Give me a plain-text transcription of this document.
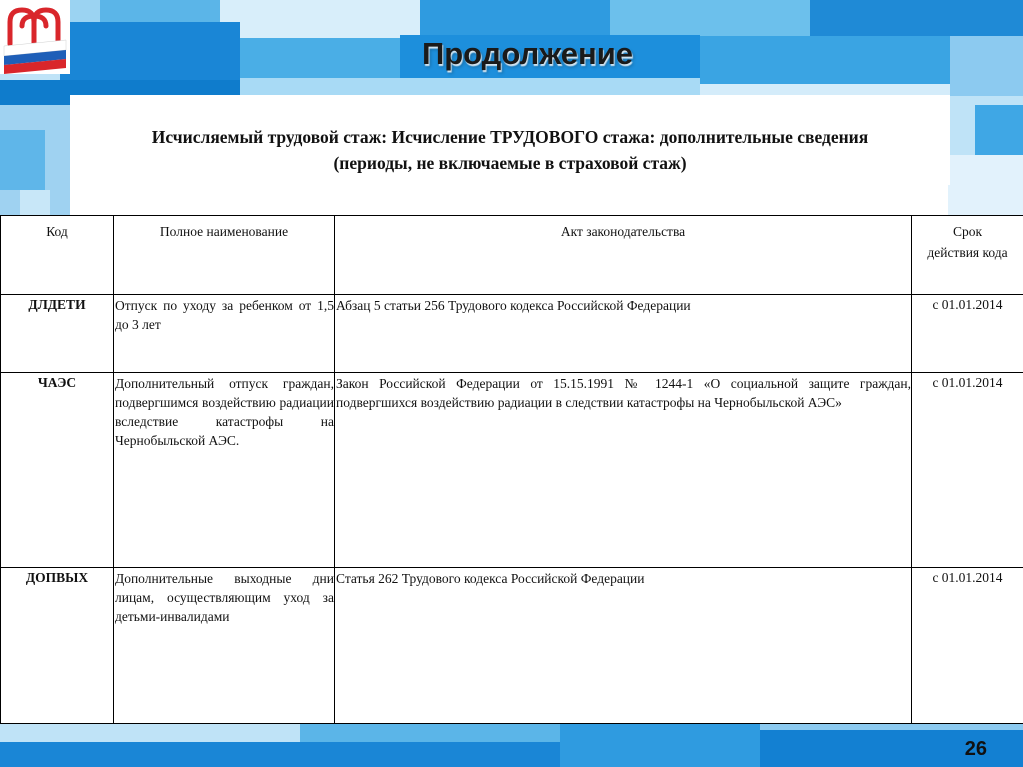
Продолжение
Исчисляемый трудовой стаж: Исчисление ТРУДОВОГО стажа: дополнительные сведения
(периоды, не включаемые в страховой стаж)
Код	Полное наименование	Акт законодательства	Срок
действия кода

ДЛДЕТИ	Отпуск по уходу за ребенком от 1,5 до 3 лет	Абзац 5 статьи 256 Трудового кодекса Российской Федерации	с 01.01.2014
ЧАЭС	Дополнительный отпуск граждан, подвергшимся воздействию радиации вследствие катастрофы на Чернобыльской АЭС.	Закон Российской Федерации от 15.15.1991 № 1244-1 «О социальной защите граждан, подвергшихся воздействию радиации в следствии катастрофы на Чернобыльской АЭС»	с 01.01.2014
ДОПВЫХ	Дополнительные выходные дни лицам, осуществляющим уход за детьми-инвалидами	Статья 262 Трудового кодекса Российской Федерации	с 01.01.2014
26
